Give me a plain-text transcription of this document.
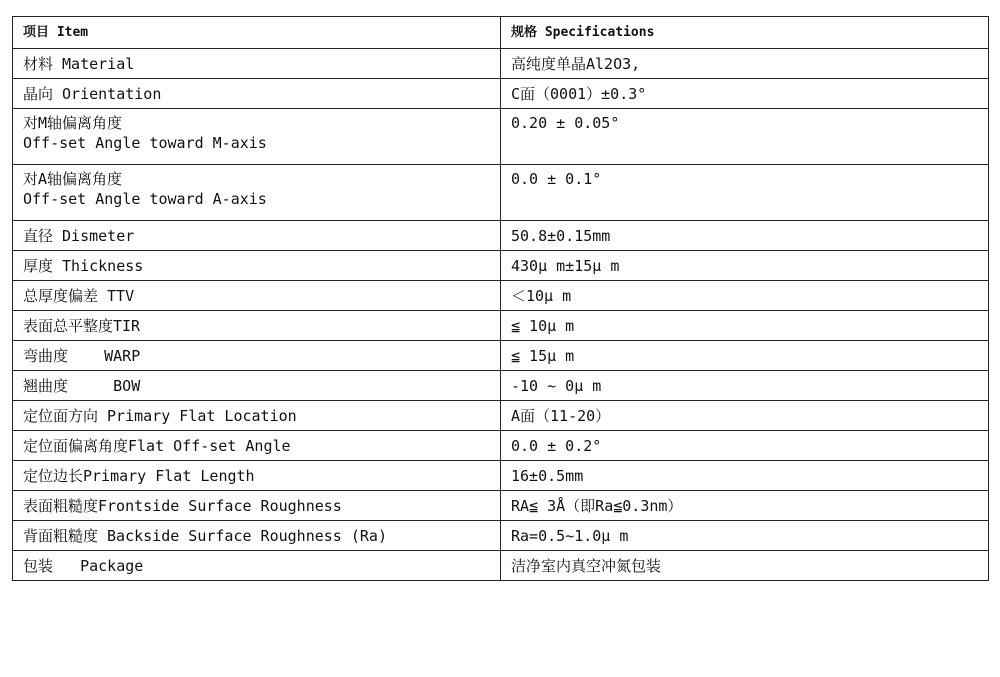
项目 Item	规格 Specifications
材料 Material	高纯度单晶Al2O3,
晶向 Orientation	C面（0001）±0.3°

对M轴偏离角度
Off-set Angle toward M-axis	0.20 ± 0.05°

对A轴偏离角度
Off-set Angle toward A-axis	0.0 ± 0.1°
直径 Dismeter	50.8±0.15mm
厚度 Thickness	430μ m±15μ m
总厚度偏差 TTV	＜10μ m
表面总平整度TIR	≦ 10μ m
弯曲度    WARP	≦ 15μ m
翘曲度     BOW	-10 ~ 0μ m
定位面方向 Primary Flat Location	A面（11-20）
定位面偏离角度Flat Off-set Angle	0.0 ± 0.2°
定位边长Primary Flat Length	16±0.5mm
表面粗糙度Frontside Surface Roughness	RA≦ 3Å（即Ra≦0.3nm）
背面粗糙度 Backside Surface Roughness (Ra)	Ra=0.5~1.0μ m
包装   Package	洁净室内真空冲氮包装
